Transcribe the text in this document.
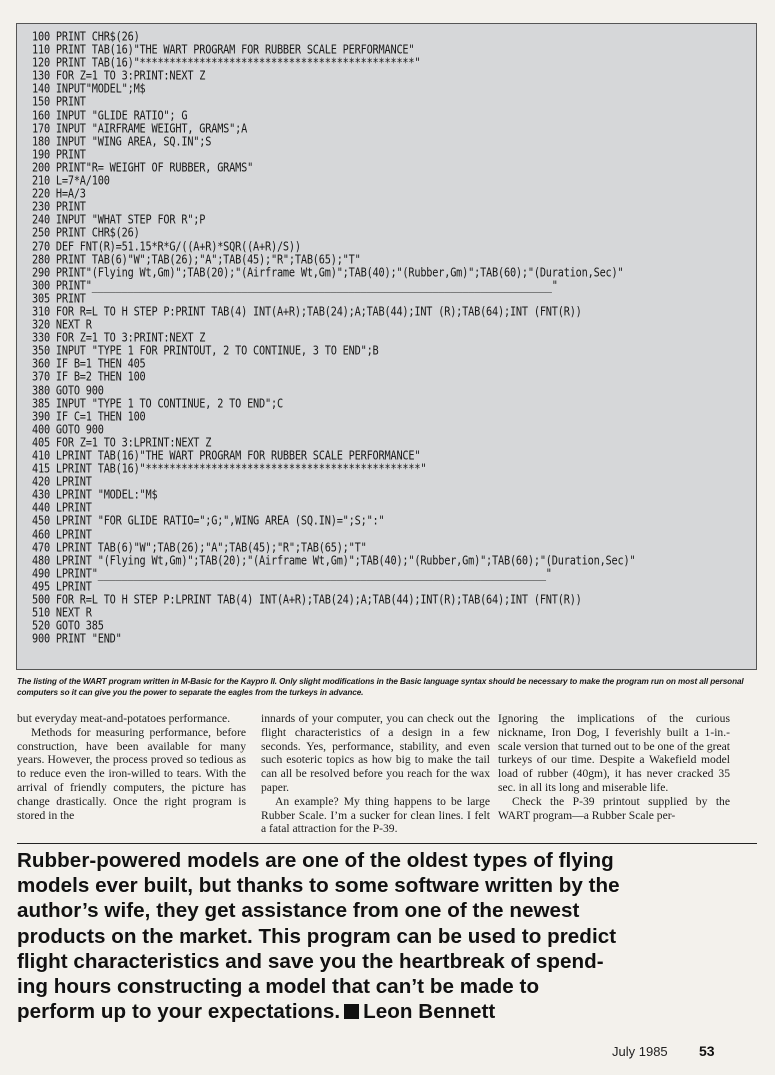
100 PRINT CHR$(26)
110 PRINT TAB(16)"THE WART PROGRAM FOR RUBBER SCALE PERFORMANCE"
120 PRINT TAB(16)"**********************************************"
130 FOR Z=1 TO 3:PRINT:NEXT Z
140 INPUT"MODEL";M$
150 PRINT
160 INPUT "GLIDE RATIO"; G
170 INPUT "AIRFRAME WEIGHT, GRAMS";A
180 INPUT "WING AREA, SQ.IN";S
190 PRINT
200 PRINT"R= WEIGHT OF RUBBER, GRAMS"
210 L=7*A/100
220 H=A/3
230 PRINT
240 INPUT "WHAT STEP FOR R";P
250 PRINT CHR$(26)
270 DEF FNT(R)=51.15*R*G/((A+R)*SQR((A+R)/S))
280 PRINT TAB(6)"W";TAB(26);"A";TAB(45);"R";TAB(65);"T"
290 PRINT"(Flying Wt,Gm)";TAB(20);"(Airframe Wt,Gm)";TAB(40);"(Rubber,Gm)";TAB(60);"(Duration,Sec)"
300 PRINT"_____________________________________________________________________________"
305 PRINT
310 FOR R=L TO H STEP P:PRINT TAB(4) INT(A+R);TAB(24);A;TAB(44);INT (R);TAB(64);INT (FNT(R))
320 NEXT R
330 FOR Z=1 TO 3:PRINT:NEXT Z
350 INPUT "TYPE 1 FOR PRINTOUT, 2 TO CONTINUE, 3 TO END";B
360 IF B=1 THEN 405
370 IF B=2 THEN 100
380 GOTO 900
385 INPUT "TYPE 1 TO CONTINUE, 2 TO END";C
390 IF C=1 THEN 100
400 GOTO 900
405 FOR Z=1 TO 3:LPRINT:NEXT Z
410 LPRINT TAB(16)"THE WART PROGRAM FOR RUBBER SCALE PERFORMANCE"
415 LPRINT TAB(16)"**********************************************"
420 LPRINT
430 LPRINT "MODEL:"M$
440 LPRINT
450 LPRINT "FOR GLIDE RATIO=";G;",WING AREA (SQ.IN)=";S;":"
460 LPRINT
470 LPRINT TAB(6)"W";TAB(26);"A";TAB(45);"R";TAB(65);"T"
480 LPRINT "(Flying Wt,Gm)";TAB(20);"(Airframe Wt,Gm)";TAB(40);"(Rubber,Gm)";TAB(60);"(Duration,Sec)"
490 LPRINT"___________________________________________________________________________"
495 LPRINT
500 FOR R=L TO H STEP P:LPRINT TAB(4) INT(A+R);TAB(24);A;TAB(44);INT(R);TAB(64);INT (FNT(R))
510 NEXT R
520 GOTO 385
900 PRINT "END"
The listing of the WART program written in M-Basic for the Kaypro II. Only slight modifications in the Basic language syntax should be necessary to make the program run on most all personal computers so it can give you the power to separate the eagles from the turkeys in advance.

but everyday meat-and-potatoes performance.

Methods for measuring performance, before construction, have been available for many years. However, the process proved so tedious as to reduce even the iron-willed to tears. With the arrival of friendly computers, the picture has change drastically. Once the right program is stored in the

innards of your computer, you can check out the flight characteristics of a design in a few seconds. Yes, performance, stability, and even such esoteric topics as how big to make the tail can all be resolved before you reach for the wax paper.

An example? My thing happens to be large Rubber Scale. I’m a sucker for clean lines. I felt a fatal attraction for the P-39.

Ignoring the implications of the curious nickname, Iron Dog, I feverishly built a 1-in.-scale version that turned out to be one of the great turkeys of our time. Despite a Wakefield model load of rubber (40gm), it has never cracked 35 sec. in all its long and miserable life.

Check the P-39 printout supplied by the WART program—a Rubber Scale per-

Rubber-powered models are one of the oldest types of flying
models ever built, but thanks to some software written by the
author’s wife, they get assistance from one of the newest
products on the market. This program can be used to predict
flight characteristics and save you the heartbreak of spend-
ing hours constructing a model that can’t be made to
perform up to your expectations. Leon Bennett
July 1985 53
